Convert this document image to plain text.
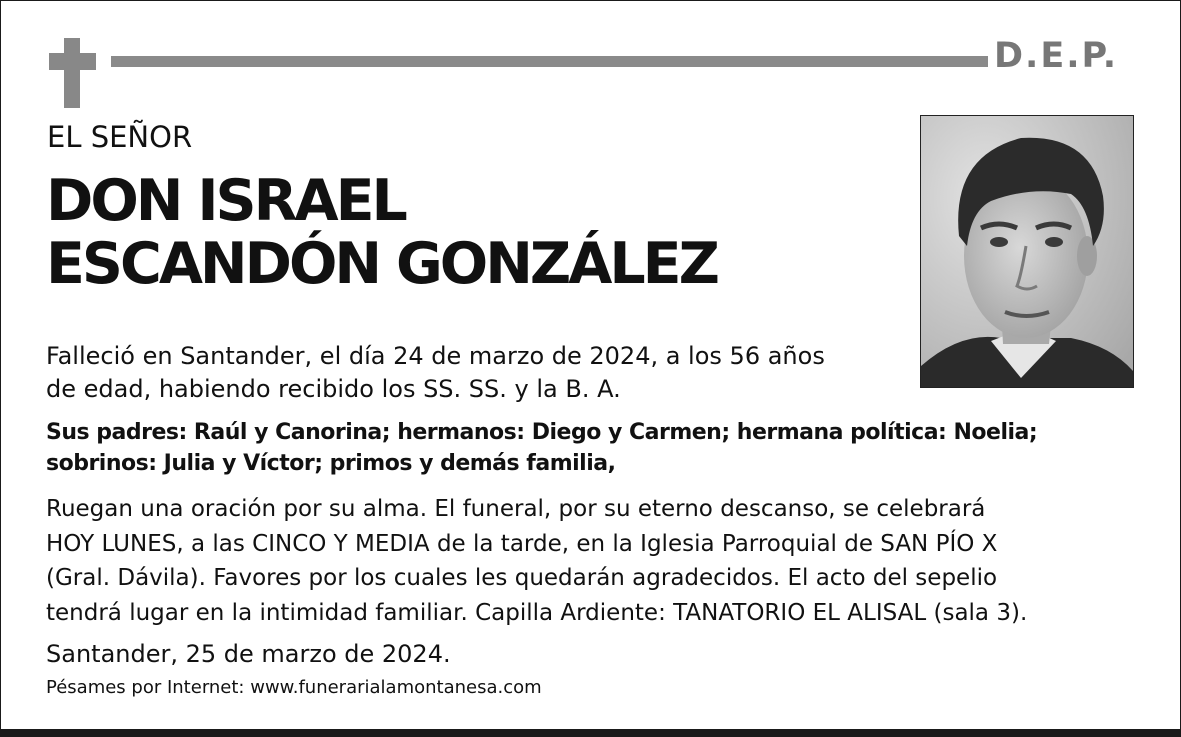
D.E.P.
EL SEÑOR
DON ISRAEL
ESCANDÓN GONZÁLEZ
Falleció en Santander, el día 24 de marzo de 2024, a los 56 años
de edad, habiendo recibido los SS. SS. y la B. A.
Sus padres: Raúl y Canorina; hermanos: Diego y Carmen; hermana política: Noelia;
sobrinos: Julia y Víctor; primos y demás familia,
Ruegan una oración por su alma. El funeral, por su eterno descanso, se celebrará
HOY LUNES, a las CINCO Y MEDIA de la tarde, en la Iglesia Parroquial de SAN PÍO X
(Gral. Dávila). Favores por los cuales les quedarán agradecidos. El acto del sepelio
tendrá lugar en la intimidad familiar. Capilla Ardiente: TANATORIO EL ALISAL (sala 3).
Santander, 25 de marzo de 2024.
Pésames por Internet: www.funerarialamontanesa.com
